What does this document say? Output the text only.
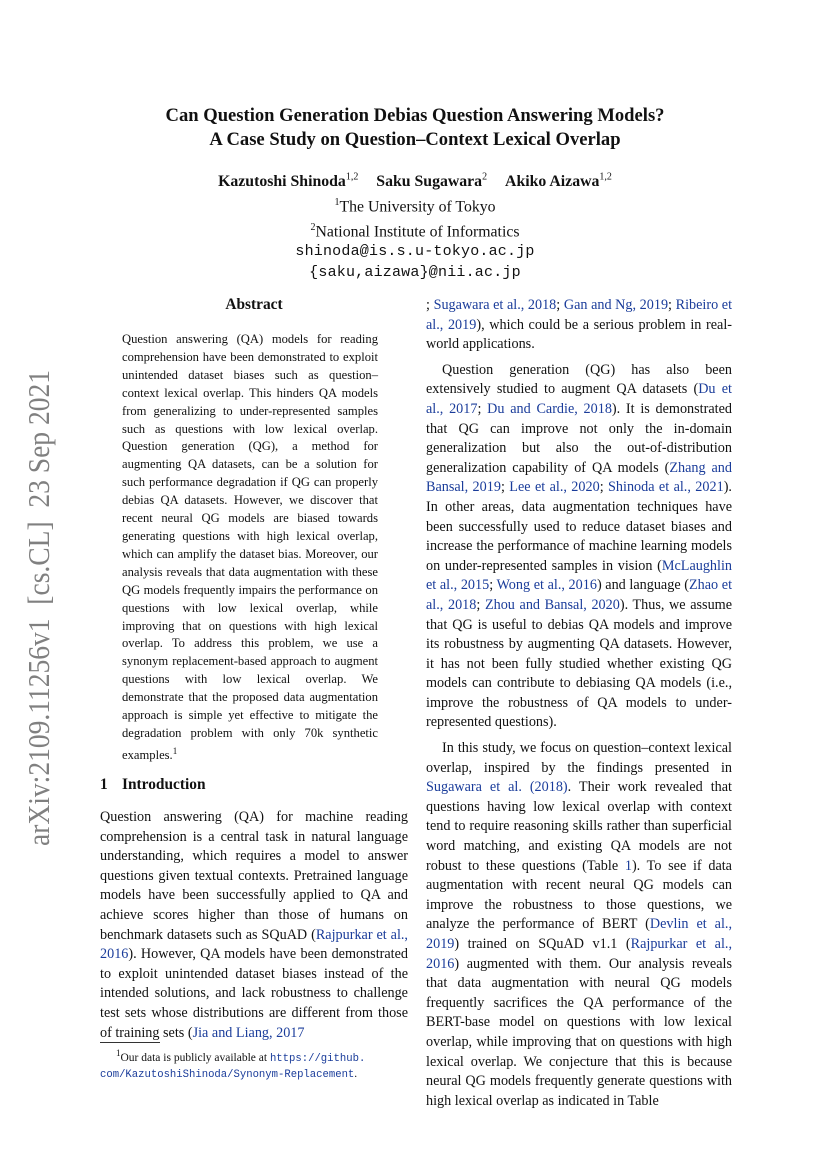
arXiv:2109.11256v1  [cs.CL]  23 Sep 2021
Can Question Generation Debias Question Answering Models?
A Case Study on Question–Context Lexical Overlap
Kazutoshi Shinoda$^{1,2}$ Saku Sugawara$^2$ Akiko Aizawa$^{1,2}$
$^1$The University of Tokyo
$^2$National Institute of Informatics
shinoda@is.s.u-tokyo.ac.jp
{saku,aizawa}@nii.ac.jp
Abstract
Question answering (QA) models for reading comprehension have been demonstrated to exploit unintended dataset biases such as question–context lexical overlap. This hinders QA models from generalizing to under-represented samples such as questions with low lexical overlap. Question generation (QG), a method for augmenting QA datasets, can be a solution for such performance degradation if QG can properly debias QA datasets. However, we discover that recent neural QG models are biased towards generating questions with high lexical overlap, which can amplify the dataset bias. Moreover, our analysis reveals that data augmentation with these QG models frequently impairs the performance on questions with low lexical overlap, while improving that on questions with high lexical overlap. To address this problem, we use a synonym replacement-based approach to augment questions with low lexical overlap. We demonstrate that the proposed data augmentation approach is simple yet effective to mitigate the degradation problem with only 70k synthetic examples.$^1$
1 Introduction

Question answering (QA) for machine reading comprehension is a central task in natural language understanding, which requires a model to answer questions given textual contexts. Pretrained language models have been successfully applied to QA and achieve scores higher than those of humans on benchmark datasets such as SQuAD (Rajpurkar et al., 2016). However, QA models have been demonstrated to exploit unintended dataset biases instead of the intended solutions, and lack robustness to challenge test sets whose distributions are different from those of training sets (Jia and Liang, 2017

$^1$Our data is publicly available at https://github.
com/KazutoshiShinoda/Synonym-Replacement.

; Sugawara et al., 2018; Gan and Ng, 2019; Ribeiro et al., 2019), which could be a serious problem in real-world applications.

Question generation (QG) has also been extensively studied to augment QA datasets (Du et al., 2017; Du and Cardie, 2018). It is demonstrated that QG can improve not only the in-domain generalization but also the out-of-distribution generalization capability of QA models (Zhang and Bansal, 2019; Lee et al., 2020; Shinoda et al., 2021). In other areas, data augmentation techniques have been successfully used to reduce dataset biases and increase the performance of machine learning models on under-represented samples in vision (McLaughlin et al., 2015; Wong et al., 2016) and language (Zhao et al., 2018; Zhou and Bansal, 2020). Thus, we assume that QG is useful to debias QA models and improve its robustness by augmenting QA datasets. However, it has not been fully studied whether existing QG models can contribute to debiasing QA models (i.e., improve the robustness of QA models to under-represented questions).

In this study, we focus on question–context lexical overlap, inspired by the findings presented in Sugawara et al. (2018). Their work revealed that questions having low lexical overlap with context tend to require reasoning skills rather than superficial word matching, and existing QA models are not robust to these questions (Table 1). To see if data augmentation with recent neural QG models can improve the robustness to those questions, we analyze the performance of BERT (Devlin et al., 2019) trained on SQuAD v1.1 (Rajpurkar et al., 2016) augmented with them. Our analysis reveals that data augmentation with neural QG models frequently sacrifices the QA performance of the BERT-base model on questions with low lexical overlap, while improving that on questions with high lexical overlap. We conjecture that this is because neural QG models frequently generate questions with high lexical overlap as indicated in Table
